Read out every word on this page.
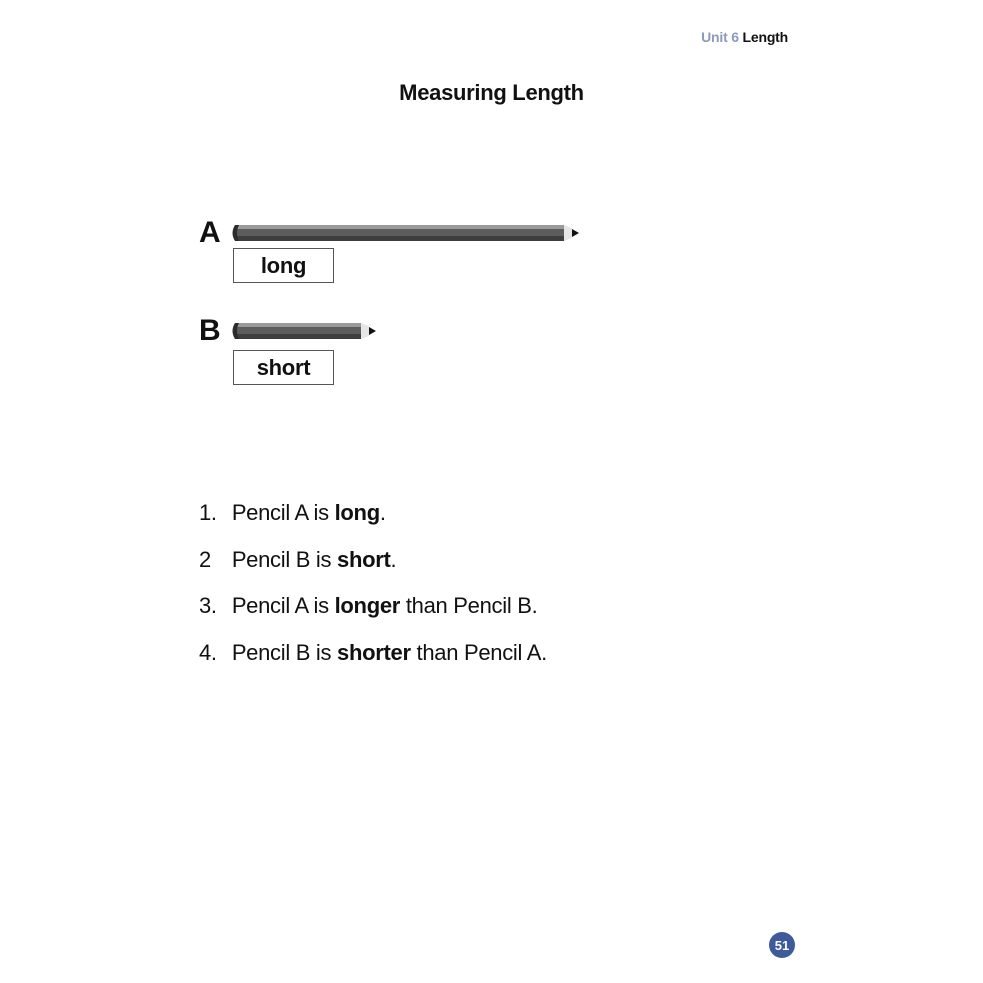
Unit 6 Length
Measuring Length
A
long
B
short
1. Pencil A is long.
2 Pencil B is short.
3. Pencil A is longer than Pencil B.
4. Pencil B is shorter than Pencil A.
51
